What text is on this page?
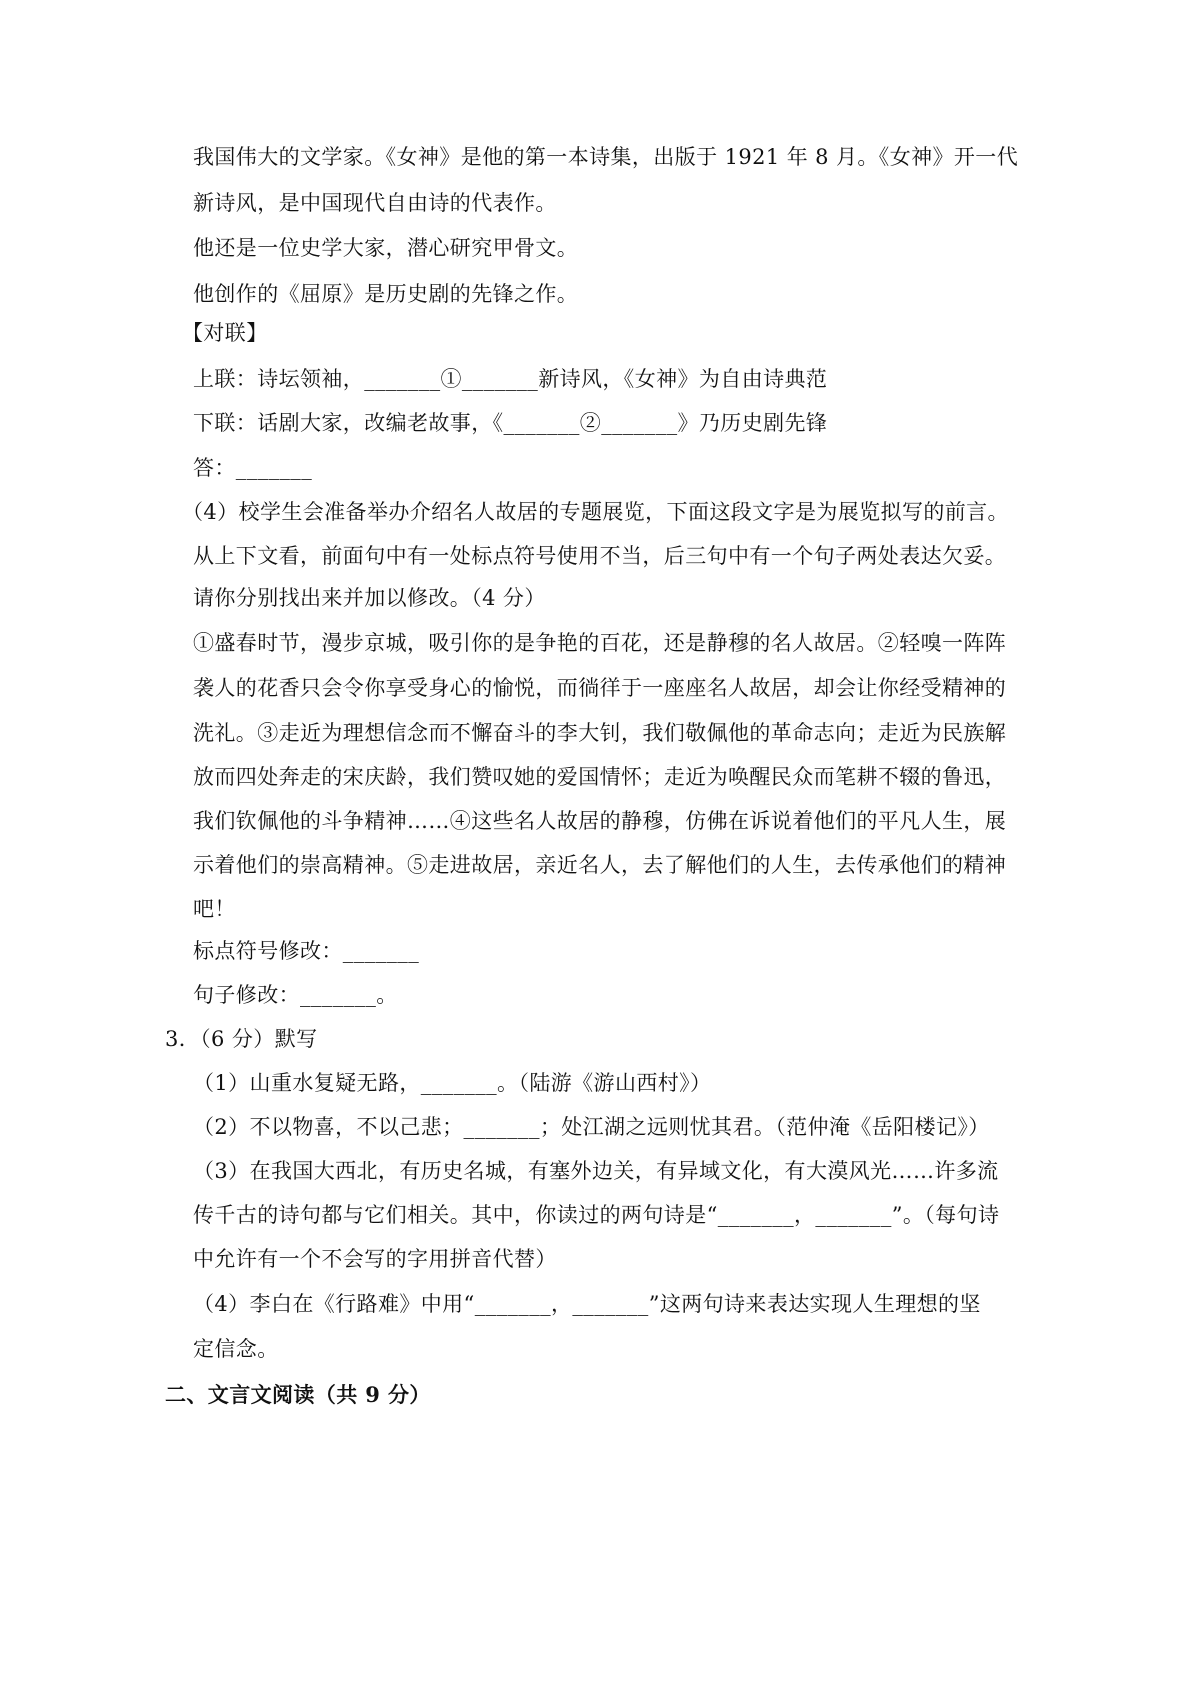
我国伟大的文学家。《女神》是他的第一本诗集，出版于 1921 年 8 月。《女神》开一代
新诗风，是中国现代自由诗的代表作。
他还是一位史学大家，潜心研究甲骨文。
他创作的《屈原》是历史剧的先锋之作。
【对联】
上联：诗坛领袖，_______①_______新诗风，《女神》为自由诗典范
下联：话剧大家，改编老故事，《_______②_______》乃历史剧先锋
答：_______
（4）校学生会准备举办介绍名人故居的专题展览，下面这段文字是为展览拟写的前言。
从上下文看，前面句中有一处标点符号使用不当，后三句中有一个句子两处表达欠妥。
请你分别找出来并加以修改。（4 分）
①盛春时节，漫步京城，吸引你的是争艳的百花，还是静穆的名人故居。②轻嗅一阵阵
袭人的花香只会令你享受身心的愉悦，而徜徉于一座座名人故居，却会让你经受精神的
洗礼。③走近为理想信念而不懈奋斗的李大钊，我们敬佩他的革命志向；走近为民族解
放而四处奔走的宋庆龄，我们赞叹她的爱国情怀；走近为唤醒民众而笔耕不辍的鲁迅，
我们钦佩他的斗争精神……④这些名人故居的静穆，仿佛在诉说着他们的平凡人生，展
示着他们的崇高精神。⑤走进故居，亲近名人，去了解他们的人生，去传承他们的精神
吧！
标点符号修改：_______
句子修改：_______。
3．（6 分）默写
（1）山重水复疑无路，_______。（陆游《游山西村》）
（2）不以物喜，不以己悲；_______；处江湖之远则忧其君。（范仲淹《岳阳楼记》）
（3）在我国大西北，有历史名城，有塞外边关，有异域文化，有大漠风光……许多流
传千古的诗句都与它们相关。其中，你读过的两句诗是“_______，_______”。（每句诗
中允许有一个不会写的字用拼音代替）
（4）李白在《行路难》中用“_______，_______”这两句诗来表达实现人生理想的坚
定信念。
二、文言文阅读（共 9 分）
